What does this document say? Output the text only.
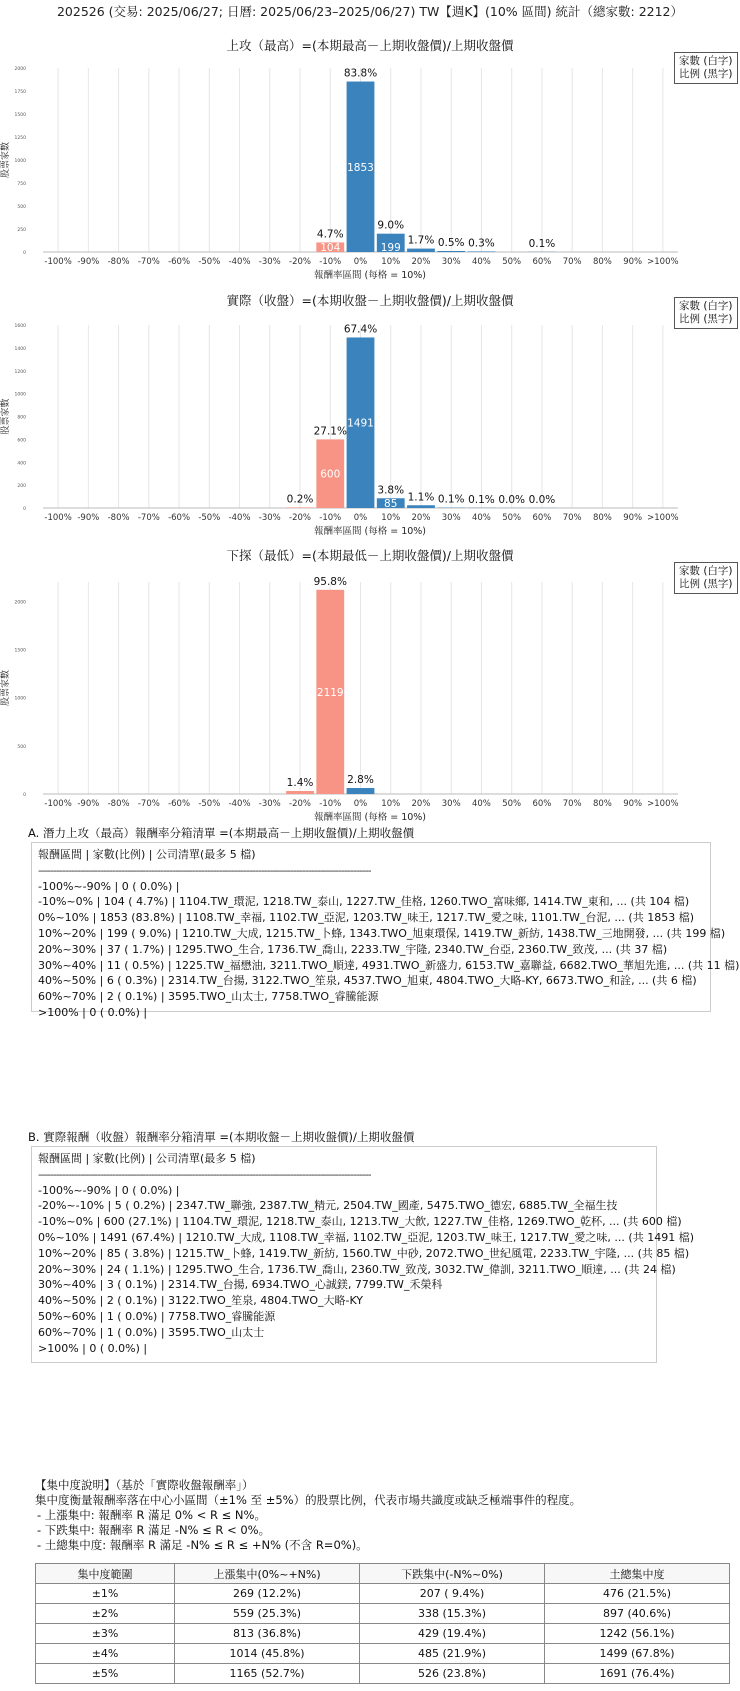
202526 (交易: 2025/06/27; 日曆: 2025/06/23–2025/06/27) TW【週K】(10% 區間) 統計（總家數: 2212）
上攻（最高）=(本期最高－上期收盤價)/上期收盤價
0
250
500
750
1000
1250
1500
1750
2000
股票家數
-100% -90% -80% -70% -60% -50% -40% -30% -20%
104
4.7%
-10%
1853
83.8%
0%
199
9.0%
10%
1.7%
20%
0.5%
30%
0.3%
40% 50%
0.1%
60% 70% 80% 90% >100%
報酬率區間 (每格 = 10%)
家數 (白字)
比例 (黑字)
實際（收盤）=(本期收盤－上期收盤價)/上期收盤價
0
200
400
600
800
1000
1200
1400
1600
股票家數
-100% -90% -80% -70% -60% -50% -40% -30%
0.2%
-20%
600
27.1%
-10%
1491
67.4%
0%
85
3.8%
10%
1.1%
20%
0.1%
30%
0.1%
40%
0.0%
50%
0.0%
60% 70% 80% 90% >100%
報酬率區間 (每格 = 10%)
家數 (白字)
比例 (黑字)
下探（最低）=(本期最低－上期收盤價)/上期收盤價
0
500
1000
1500
2000
股票家數
-100% -90% -80% -70% -60% -50% -40% -30%
1.4%
-20%
2119
95.8%
-10%
2.8%
0% 10% 20% 30% 40% 50% 60% 70% 80% 90% >100%
報酬率區間 (每格 = 10%)
家數 (白字)
比例 (黑字)
A. 潛力上攻（最高）報酬率分箱清單 =(本期最高－上期收盤價)/上期收盤價
報酬區間 | 家數(比例) | 公司清單(最多 5 檔)
----------------------------------------------------------------------------------------------------------------
-100%~-90% | 0 ( 0.0%) |
-10%~0% | 104 ( 4.7%) | 1104.TW_環泥, 1218.TW_泰山, 1227.TW_佳格, 1260.TWO_富味鄉, 1414.TW_東和, ... (共 104 檔)
0%~10% | 1853 (83.8%) | 1108.TW_幸福, 1102.TW_亞泥, 1203.TW_味王, 1217.TW_愛之味, 1101.TW_台泥, ... (共 1853 檔)
10%~20% | 199 ( 9.0%) | 1210.TW_大成, 1215.TW_卜蜂, 1343.TWO_旭東環保, 1419.TW_新紡, 1438.TW_三地開發, ... (共 199 檔)
20%~30% | 37 ( 1.7%) | 1295.TWO_生合, 1736.TW_喬山, 2233.TW_宇隆, 2340.TW_台亞, 2360.TW_致茂, ... (共 37 檔)
30%~40% | 11 ( 0.5%) | 1225.TW_福懋油, 3211.TWO_順達, 4931.TWO_新盛力, 6153.TW_嘉聯益, 6682.TWO_華旭先進, ... (共 11 檔)
40%~50% | 6 ( 0.3%) | 2314.TW_台揚, 3122.TWO_笙泉, 4537.TWO_旭東, 4804.TWO_大略-KY, 6673.TWO_和詮, ... (共 6 檔)
60%~70% | 2 ( 0.1%) | 3595.TWO_山太士, 7758.TWO_睿騰能源
>100% | 0 ( 0.0%) |
B. 實際報酬（收盤）報酬率分箱清單 =(本期收盤－上期收盤價)/上期收盤價
報酬區間 | 家數(比例) | 公司清單(最多 5 檔)
----------------------------------------------------------------------------------------------------------------
-100%~-90% | 0 ( 0.0%) |
-20%~-10% | 5 ( 0.2%) | 2347.TW_聯強, 2387.TW_精元, 2504.TW_國產, 5475.TWO_德宏, 6885.TW_全福生技
-10%~0% | 600 (27.1%) | 1104.TW_環泥, 1218.TW_泰山, 1213.TW_大飲, 1227.TW_佳格, 1269.TWO_乾杯, ... (共 600 檔)
0%~10% | 1491 (67.4%) | 1210.TW_大成, 1108.TW_幸福, 1102.TW_亞泥, 1203.TW_味王, 1217.TW_愛之味, ... (共 1491 檔)
10%~20% | 85 ( 3.8%) | 1215.TW_卜蜂, 1419.TW_新紡, 1560.TW_中砂, 2072.TWO_世紀風電, 2233.TW_宇隆, ... (共 85 檔)
20%~30% | 24 ( 1.1%) | 1295.TWO_生合, 1736.TW_喬山, 2360.TW_致茂, 3032.TW_偉訓, 3211.TWO_順達, ... (共 24 檔)
30%~40% | 3 ( 0.1%) | 2314.TW_台揚, 6934.TWO_心誠鎂, 7799.TW_禾榮科
40%~50% | 2 ( 0.1%) | 3122.TWO_笙泉, 4804.TWO_大略-KY
50%~60% | 1 ( 0.0%) | 7758.TWO_睿騰能源
60%~70% | 1 ( 0.0%) | 3595.TWO_山太士
>100% | 0 ( 0.0%) |
【集中度說明】（基於「實際收盤報酬率」）
集中度衡量報酬率落在中心小區間（±1% 至 ±5%）的股票比例，代表市場共識度或缺乏極端事件的程度。
- 上漲集中: 報酬率 R 滿足 0% < R ≤ N%。
- 下跌集中: 報酬率 R 滿足 -N% ≤ R < 0%。
- 土總集中度: 報酬率 R 滿足 -N% ≤ R ≤ +N% (不含 R=0%)。
集中度範圍	上漲集中(0%~+N%)	下跌集中(-N%~0%)	土總集中度
±1%	269 (12.2%)	207 ( 9.4%)	476 (21.5%)
±2%	559 (25.3%)	338 (15.3%)	897 (40.6%)
±3%	813 (36.8%)	429 (19.4%)	1242 (56.1%)
±4%	1014 (45.8%)	485 (21.9%)	1499 (67.8%)
±5%	1165 (52.7%)	526 (23.8%)	1691 (76.4%)
